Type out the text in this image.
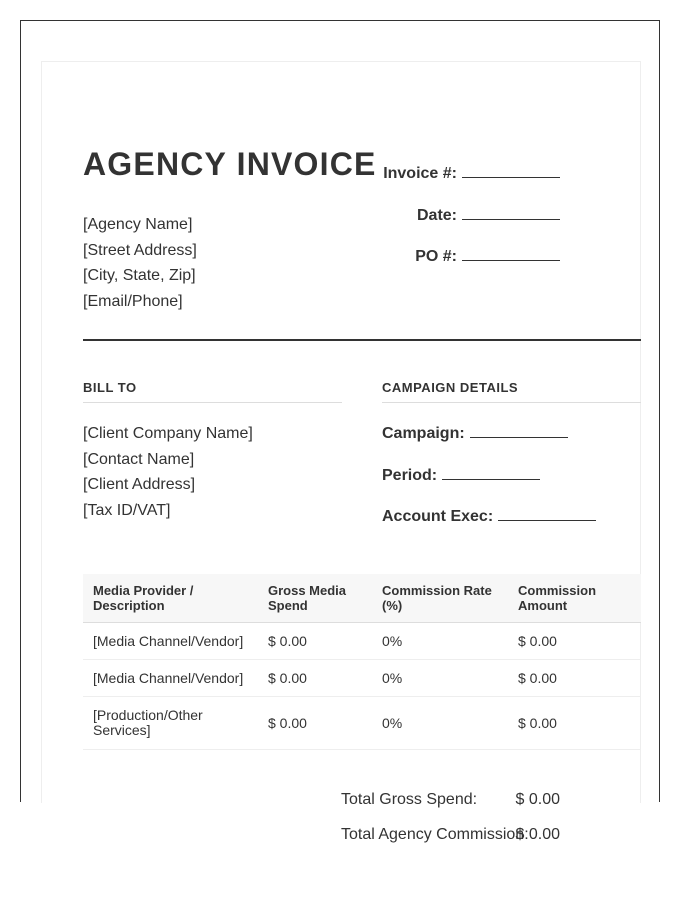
AGENCY INVOICE
[Agency Name]
[Street Address]
[City, State, Zip]
[Email/Phone]
Invoice #:
Date:
PO #:
BILL TO	CAMPAIGN DETAILS
[Client Company Name]
[Contact Name]
[Client Address]
[Tax ID/VAT]
Campaign:
Period:
Account Exec:
Media Provider / Description	Gross Media Spend	Commission Rate (%)	Commission Amount
[Media Channel/Vendor]	$ 0.00	0%	$ 0.00
[Media Channel/Vendor]	$ 0.00	0%	$ 0.00
[Production/Other Services]	$ 0.00	0%	$ 0.00
Total Gross Spend: $ 0.00
Total Agency Commission:
$ 0.00
